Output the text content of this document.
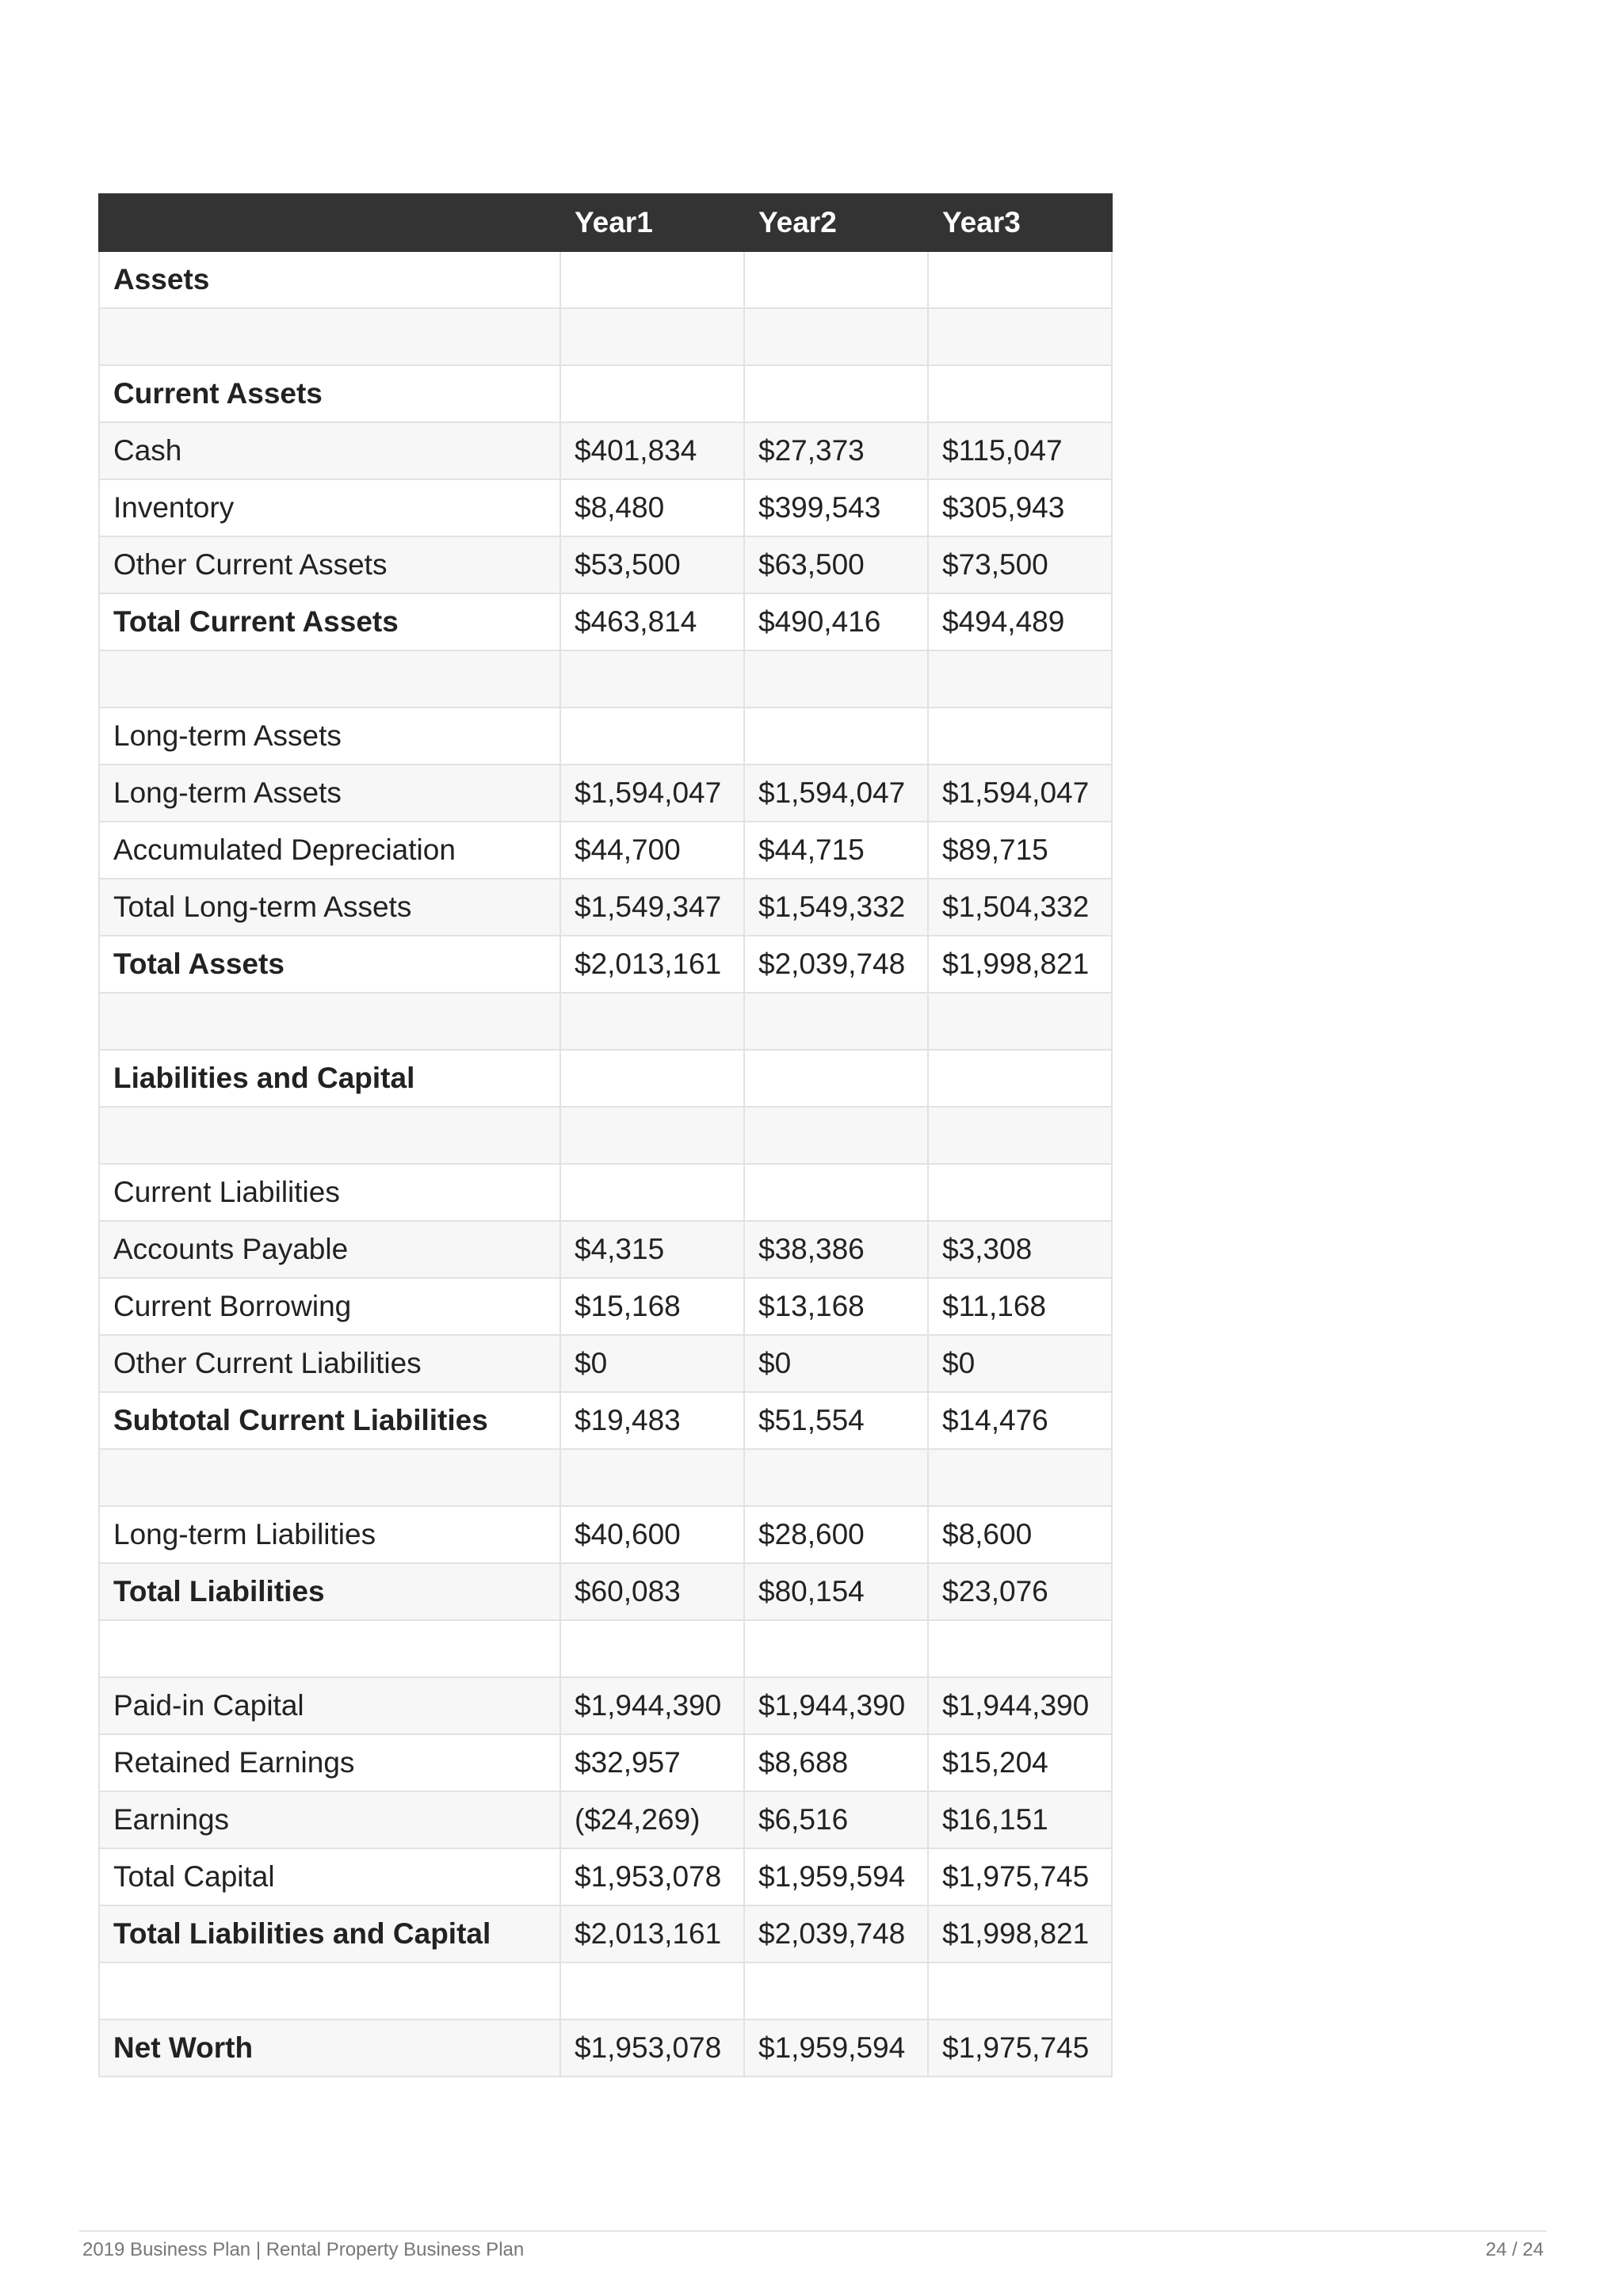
	Year1	Year2	Year3
Assets			

Current Assets			
Cash	$401,834	$27,373	$115,047
Inventory	$8,480	$399,543	$305,943
Other Current Assets	$53,500	$63,500	$73,500
Total Current Assets	$463,814	$490,416	$494,489

Long-term Assets			
Long-term Assets	$1,594,047	$1,594,047	$1,594,047
Accumulated Depreciation	$44,700	$44,715	$89,715
Total Long-term Assets	$1,549,347	$1,549,332	$1,504,332
Total Assets	$2,013,161	$2,039,748	$1,998,821

Liabilities and Capital			

Current Liabilities			
Accounts Payable	$4,315	$38,386	$3,308
Current Borrowing	$15,168	$13,168	$11,168
Other Current Liabilities	$0	$0	$0
Subtotal Current Liabilities	$19,483	$51,554	$14,476

Long-term Liabilities	$40,600	$28,600	$8,600
Total Liabilities	$60,083	$80,154	$23,076

Paid-in Capital	$1,944,390	$1,944,390	$1,944,390
Retained Earnings	$32,957	$8,688	$15,204
Earnings	($24,269)	$6,516	$16,151
Total Capital	$1,953,078	$1,959,594	$1,975,745
Total Liabilities and Capital	$2,013,161	$2,039,748	$1,998,821

Net Worth	$1,953,078	$1,959,594	$1,975,745
2019 Business Plan | Rental Property Business Plan	24 / 24
